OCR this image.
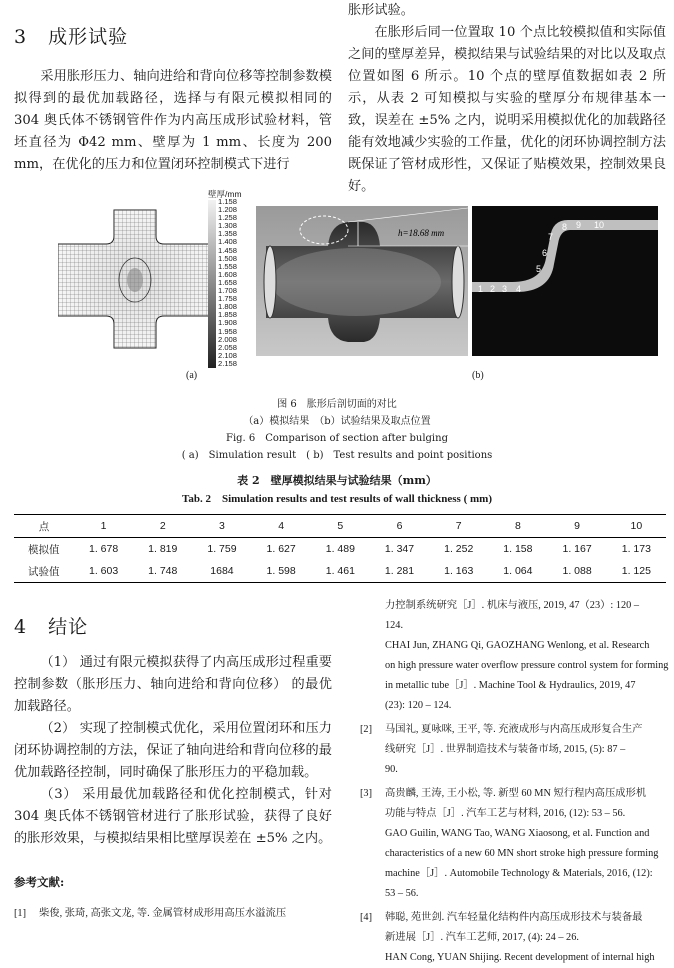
3 成形试验

采用胀形压力、轴向进给和背向位移等控制参数模拟得到的最优加载路径，选择与有限元模拟相同的 304 奥氏体不锈钢管件作为内高压成形试验材料，管坯直径为 Φ42 mm、壁厚为 1 mm、长度为 200 mm，在优化的压力和位置闭环控制模式下进行

胀形试验。

在胀形后同一位置取 10 个点比较模拟值和实际值之间的壁厚差异，模拟结果与试验结果的对比以及取点位置如图 6 所示。10 个点的壁厚值数据如表 2 所示，从表 2 可知模拟与实验的壁厚分布规律基本一致，误差在 ±5% 之内，说明采用模拟优化的加载路径能有效地减少实验的工作量，优化的闭环协调控制方法既保证了管材成形性，又保证了贴模效果，控制效果良好。

壁厚/mm
1.158
1.208
1.258
1.308
1.358
1.408
1.458
1.508
1.558
1.608
1.658
1.708
1.758
1.808
1.858
1.908
1.958
2.008
2.058
2.108
2.158
h=18.68 mm
1 2 3 4
5
6
7
8 9 10
(a)	(b)
图 6　胀形后剖切面的对比
（a）模拟结果　（b）试验结果及取点位置
Fig. 6　Comparison of section after bulging
( a)　Simulation result　( b)　Test results and point positions
表 2　壁厚模拟结果与试验结果（mm）
Tab. 2　Simulation results and test results of wall thickness ( mm)
点	1	2	3	4	5	6	7	8	9	10
模拟值	1. 678	1. 819	1. 759	1. 627	1. 489	1. 347	1. 252	1. 158	1. 167	1. 173
试验值	1. 603	1. 748	1684	1. 598	1. 461	1. 281	1. 163	1. 064	1. 088	1. 125
4 结论

（1） 通过有限元模拟获得了内高压成形过程重要控制参数（胀形压力、轴向进给和背向位移） 的最优加载路径。

（2） 实现了控制模式优化，采用位置闭环和压力闭环协调控制的方法，保证了轴向进给和背向位移的最优加载路径控制，同时确保了胀形压力的平稳加载。

（3） 采用最优加载路径和优化控制模式，针对 304 奥氏体不锈钢管材进行了胀形试验，获得了良好的胀形效果，与模拟结果相比壁厚误差在 ±5% 之内。

参考文献:
[1] 柴俊, 张琦, 高张文龙, 等. 金属管材成形用高压水溢流压
力控制系统研究［J］. 机床与液压, 2019, 47（23）: 120 –
124.
CHAI Jun, ZHANG Qi, GAOZHANG Wenlong, et al. Research
on high pressure water overflow pressure control system for forming
in metallic tube［J］. Machine Tool & Hydraulics, 2019, 47
(23): 120 – 124.
[2] 马国礼, 夏咏咪, 王平, 等. 充液成形与内高压成形复合生产
线研究［J］. 世界制造技术与装备市场, 2015, (5): 87 –
90.
[3] 高贵麟, 王涛, 王小松, 等. 新型 60 MN 短行程内高压成形机
功能与特点［J］. 汽车工艺与材料, 2016, (12): 53 – 56.
GAO Guilin, WANG Tao, WANG Xiaosong, et al. Function and
characteristics of a new 60 MN short stroke high pressure forming
machine［J］. Automobile Technology & Materials, 2016, (12):
53 – 56.
[4] 韩聪, 苑世剑. 汽车轻量化结构件内高压成形技术与装备最
新进展［J］. 汽车工艺师, 2017, (4): 24 – 26.
HAN Cong, YUAN Shijing. Recent development of internal high
